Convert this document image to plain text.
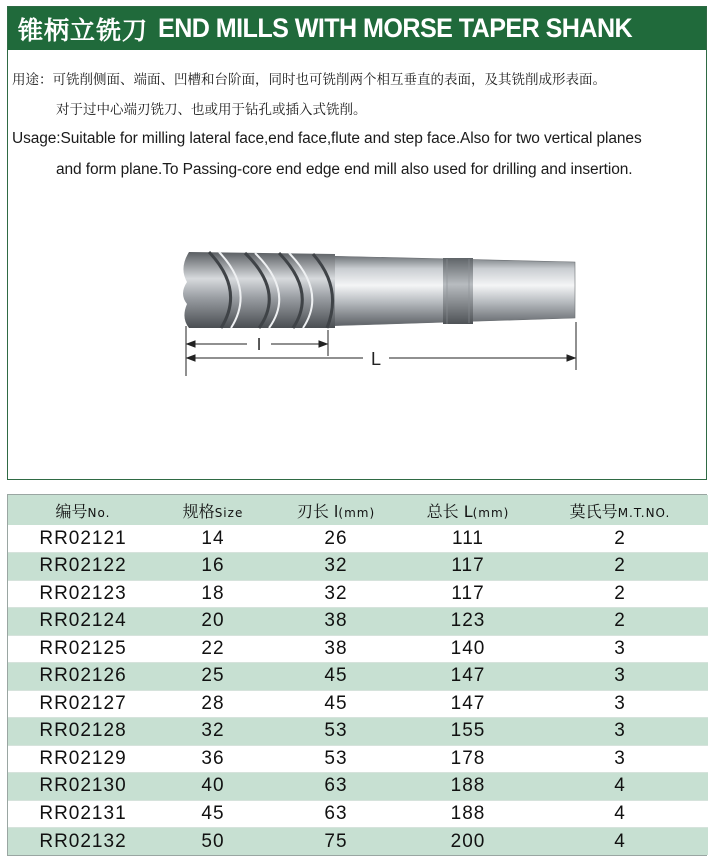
锥柄立铣刀 END MILLS WITH MORSE TAPER SHANK
用途：可铣削侧面、端面、凹槽和台阶面，同时也可铣削两个相互垂直的表面，及其铣削成形表面。
对于过中心端刃铣刀、也或用于钻孔或插入式铣削。
Usage:Suitable for milling lateral face,end face,flute and step face.Also for two vertical planes
and form plane.To Passing-core end edge end mill also used for drilling and insertion.
l
L
编号No.	规格Size	刃长 l(mm)	总长 L(mm)	莫氏号M.T.NO.
RR02121	14	26	111	2
RR02122	16	32	117	2
RR02123	18	32	117	2
RR02124	20	38	123	2
RR02125	22	38	140	3
RR02126	25	45	147	3
RR02127	28	45	147	3
RR02128	32	53	155	3
RR02129	36	53	178	3
RR02130	40	63	188	4
RR02131	45	63	188	4
RR02132	50	75	200	4
